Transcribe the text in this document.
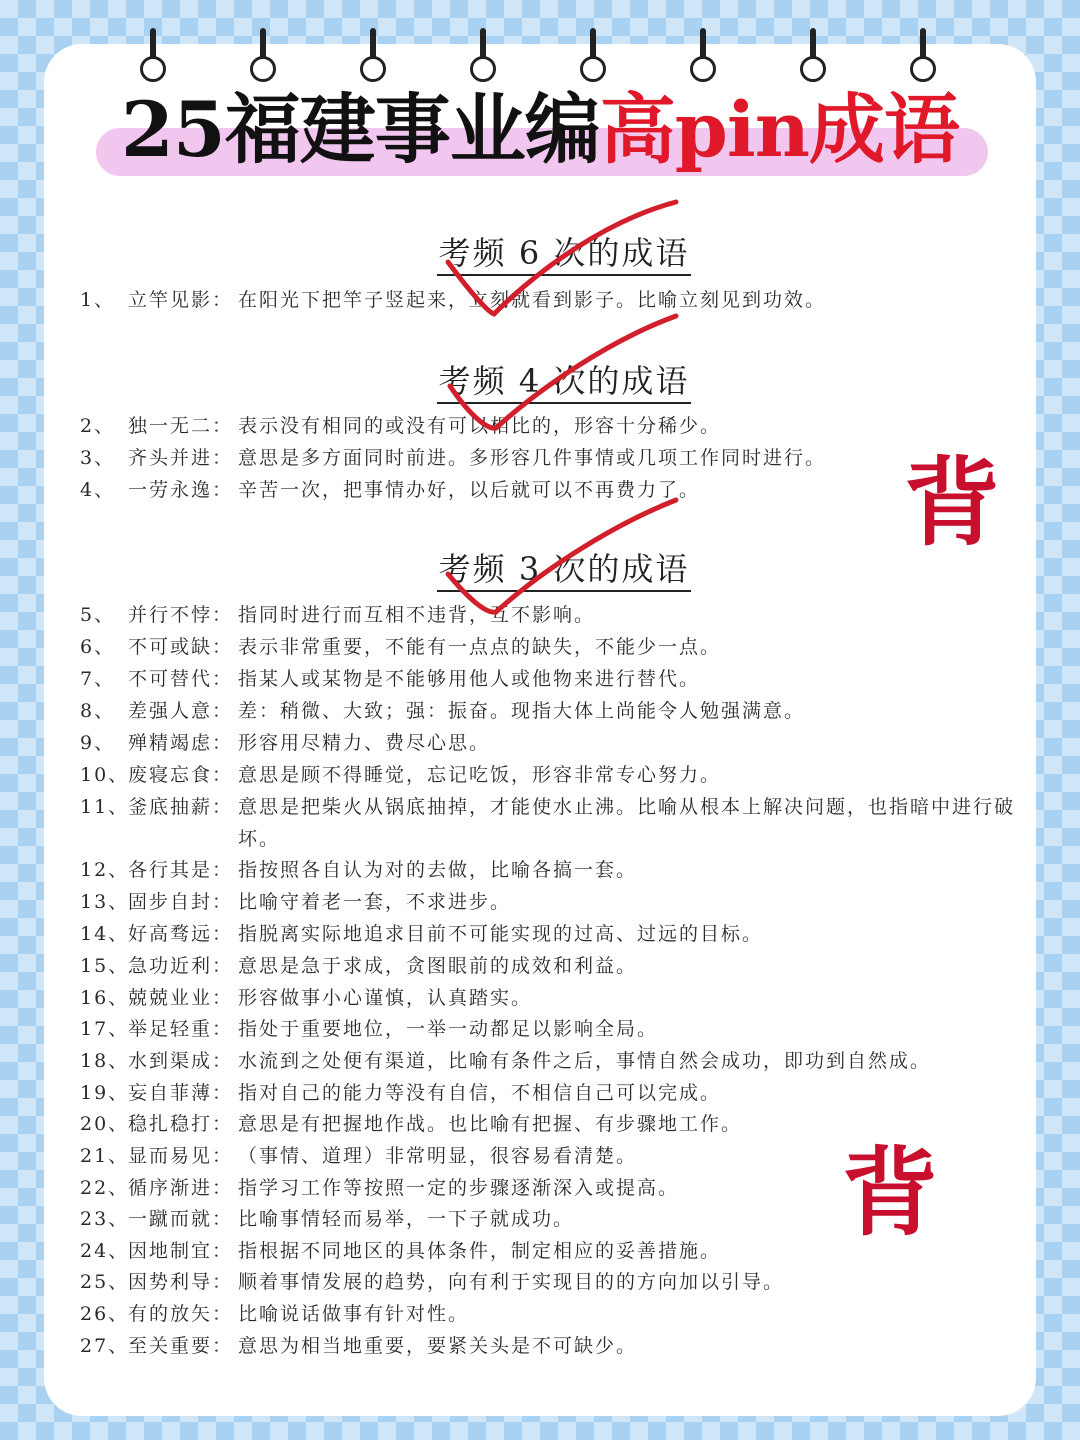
25福建事业编高pin成语
考频 6 次的成语
考频 4 次的成语
考频 3 次的成语
1、 立竿见影： 在阳光下把竿子竖起来，立刻就看到影子。比喻立刻见到功效。
2、 独一无二： 表示没有相同的或没有可以相比的，形容十分稀少。
3、 齐头并进： 意思是多方面同时前进。多形容几件事情或几项工作同时进行。
4、 一劳永逸： 辛苦一次，把事情办好，以后就可以不再费力了。
5、 并行不悖： 指同时进行而互相不违背，互不影响。
6、 不可或缺： 表示非常重要，不能有一点点的缺失，不能少一点。
7、 不可替代： 指某人或某物是不能够用他人或他物来进行替代。
8、 差强人意： 差：稍微、大致；强：振奋。现指大体上尚能令人勉强满意。
9、 殚精竭虑： 形容用尽精力、费尽心思。
10、
废寝忘食： 意思是顾不得睡觉，忘记吃饭，形容非常专心努力。
11、
釜底抽薪： 意思是把柴火从锅底抽掉，才能使水止沸。比喻从根本上解决问题，也指暗中进行破坏。
12、
各行其是： 指按照各自认为对的去做，比喻各搞一套。
13、
固步自封： 比喻守着老一套，不求进步。
14、
好高骛远： 指脱离实际地追求目前不可能实现的过高、过远的目标。
15、
急功近利： 意思是急于求成，贪图眼前的成效和利益。
16、
兢兢业业： 形容做事小心谨慎，认真踏实。
17、
举足轻重： 指处于重要地位，一举一动都足以影响全局。
18、
水到渠成： 水流到之处便有渠道，比喻有条件之后，事情自然会成功，即功到自然成。
19、
妄自菲薄： 指对自己的能力等没有自信，不相信自己可以完成。
20、
稳扎稳打： 意思是有把握地作战。也比喻有把握、有步骤地工作。
21、
显而易见： （事情、道理）非常明显，很容易看清楚。
22、
循序渐进： 指学习工作等按照一定的步骤逐渐深入或提高。
23、
一蹴而就： 比喻事情轻而易举，一下子就成功。
24、
因地制宜： 指根据不同地区的具体条件，制定相应的妥善措施。
25、
因势利导： 顺着事情发展的趋势，向有利于实现目的的方向加以引导。
26、
有的放矢： 比喻说话做事有针对性。
27、
至关重要： 意思为相当地重要，要紧关头是不可缺少。
背
背
